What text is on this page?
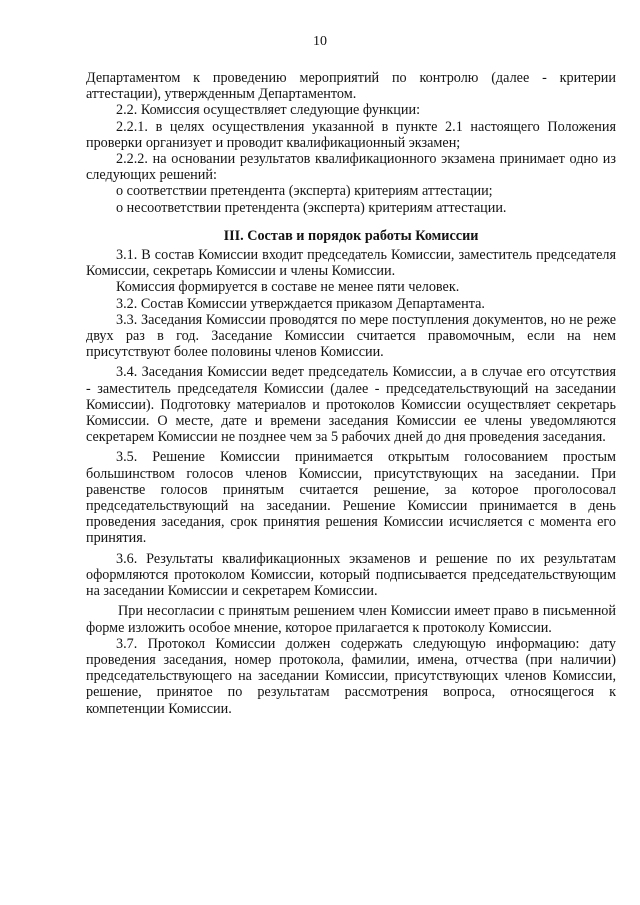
10

Департаментом к проведению мероприятий по контролю (далее - критерии аттестации), утвержденным Департаментом.

2.2. Комиссия осуществляет следующие функции:

2.2.1. в целях осуществления указанной в пункте 2.1 настоящего Положения проверки организует и проводит квалификационный экзамен;

2.2.2. на основании результатов квалификационного экзамена принимает одно из следующих решений:

о соответствии претендента (эксперта) критериям аттестации;

о несоответствии претендента (эксперта) критериям аттестации.

III. Состав и порядок работы Комиссии

3.1. В состав Комиссии входит председатель Комиссии, заместитель председателя Комиссии, секретарь Комиссии и члены Комиссии.

Комиссия формируется в составе не менее пяти человек.

3.2. Состав Комиссии утверждается приказом Департамента.

3.3. Заседания Комиссии проводятся по мере поступления документов, но не реже двух раз в год. Заседание Комиссии считается правомочным, если на нем присутствуют более половины членов Комиссии.

3.4. Заседания Комиссии ведет председатель Комиссии, а в случае его отсутствия - заместитель председателя Комиссии (далее - председательствующий на заседании Комиссии). Подготовку материалов и протоколов Комиссии осуществляет секретарь Комиссии. О месте, дате и времени заседания Комиссии ее члены уведомляются секретарем Комиссии не позднее чем за 5 рабочих дней до дня проведения заседания.

3.5. Решение Комиссии принимается открытым голосованием простым большинством голосов членов Комиссии, присутствующих на заседании. При равенстве голосов принятым считается решение, за которое проголосовал председательствующий на заседании. Решение Комиссии принимается в день проведения заседания, срок принятия решения Комиссии исчисляется с момента его принятия.

3.6. Результаты квалификационных экзаменов и решение по их результатам оформляются протоколом Комиссии, который подписывается председательствующим на заседании Комиссии и секретарем Комиссии.

При несогласии с принятым решением член Комиссии имеет право в письменной форме изложить особое мнение, которое прилагается к протоколу Комиссии.

3.7. Протокол Комиссии должен содержать следующую информацию: дату проведения заседания, номер протокола, фамилии, имена, отчества (при наличии) председательствующего на заседании Комиссии, присутствующих членов Комиссии, решение, принятое по результатам рассмотрения вопроса, относящегося к компетенции Комиссии.
